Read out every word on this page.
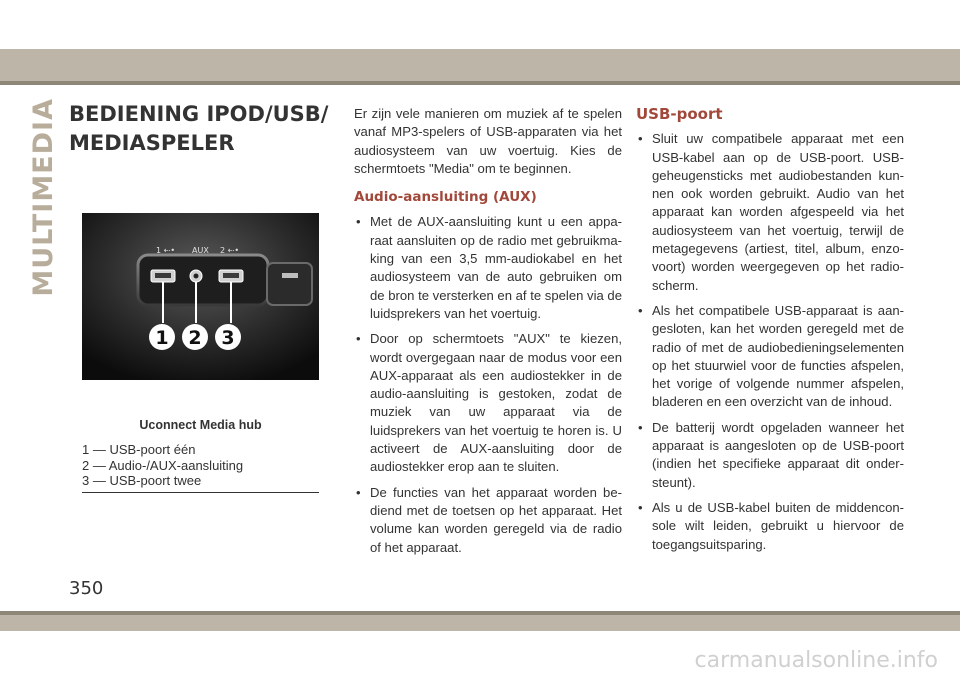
MULTIMEDIA BEDIENING IPOD/USB/
MEDIASPELER
1 ⇠• AUX 2 ⇠•
1 2 3
Uconnect Media hub
1 — USB-poort één
2 — Audio-/AUX-aansluiting
3 — USB-poort twee

Er zijn vele manieren om muziek af te spelen vanaf MP3-spelers of USB-apparaten via het audiosysteem van uw voertuig. Kies de schermtoets "Media" om te beginnen.

Audio-aansluiting (AUX)

• Met de AUX-aansluiting kunt u een appa-raat aansluiten op de radio met gebruikma-king van een 3,5 mm-audiokabel en het audiosysteem van de auto gebruiken om de bron te versterken en af te spelen via de luidsprekers van het voertuig.

• Door op schermtoets "AUX" te kiezen, wordt overgegaan naar de modus voor een AUX-apparaat als een audiostekker in de audio-aansluiting is gestoken, zodat de muziek van uw apparaat via de luidsprekers van het voertuig te horen is. U activeert de AUX-aansluiting door de audiostekker erop aan te sluiten.

• De functies van het apparaat worden be-diend met de toetsen op het apparaat. Het volume kan worden geregeld via de radio of het apparaat.

USB-poort

• Sluit uw compatibele apparaat met een USB-kabel aan op de USB-poort. USB-geheugensticks met audiobestanden kun-nen ook worden gebruikt. Audio van het apparaat kan worden afgespeeld via het audiosysteem van het voertuig, terwijl de metagegevens (artiest, titel, album, enzo-voort) worden weergegeven op het radio-scherm.

• Als het compatibele USB-apparaat is aan-gesloten, kan het worden geregeld met de radio of met de audiobedieningselementen op het stuurwiel voor de functies afspelen, het vorige of volgende nummer afspelen, bladeren en een overzicht van de inhoud.

• De batterij wordt opgeladen wanneer het apparaat is aangesloten op de USB-poort (indien het specifieke apparaat dit onder-steunt).

• Als u de USB-kabel buiten de middencon-sole wilt leiden, gebruikt u hiervoor de toegangsuitsparing.

350
carmanualsonline.info
